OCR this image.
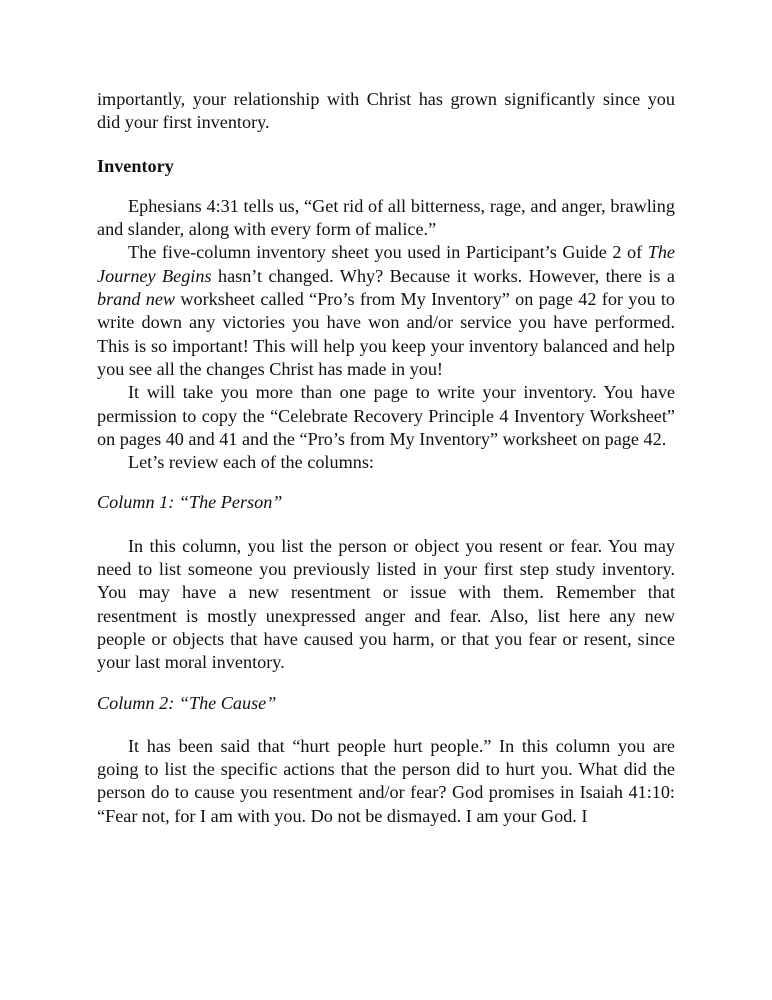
importantly, your relationship with Christ has grown significantly since you did your first inventory.

Inventory

Ephesians 4:31 tells us, “Get rid of all bitterness, rage, and anger, brawling and slander, along with every form of malice.”

The five-column inventory sheet you used in Participant’s Guide 2 of The Journey Begins hasn’t changed. Why? Because it works. However, there is a brand new worksheet called “Pro’s from My Inventory” on page 42 for you to write down any victories you have won and/or service you have performed. This is so important! This will help you keep your inventory balanced and help you see all the changes Christ has made in you!

It will take you more than one page to write your inventory. You have permission to copy the “Celebrate Recovery Principle 4 Inventory Worksheet” on pages 40 and 41 and the “Pro’s from My Inventory” worksheet on page 42.

Let’s review each of the columns:

Column 1: “The Person”

In this column, you list the person or object you resent or fear. You may need to list someone you previously listed in your first step study inventory. You may have a new resentment or issue with them. Remember that resentment is mostly unexpressed anger and fear. Also, list here any new people or objects that have caused you harm, or that you fear or resent, since your last moral inventory.

Column 2: “The Cause”

It has been said that “hurt people hurt people.” In this column you are going to list the specific actions that the person did to hurt you. What did the person do to cause you resentment and/or fear? God promises in Isaiah 41:10: “Fear not, for I am with you. Do not be dismayed. I am your God. I
